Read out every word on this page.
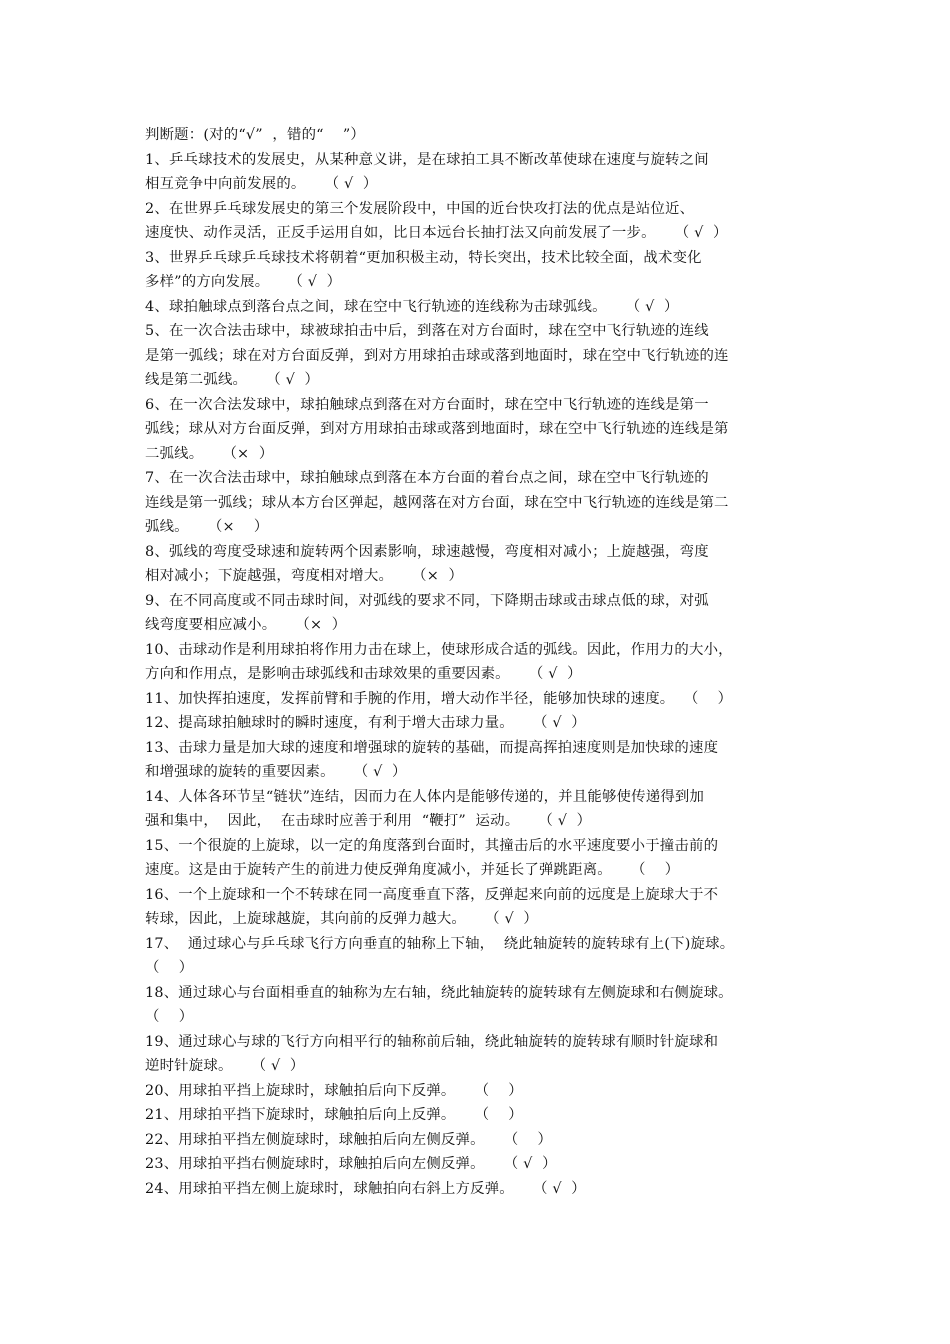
判断题：(对的“√”  ，错的“    ”）
1、乒乓球技术的发展史，从某种意义讲，是在球拍工具不断改革使球在速度与旋转之间
相互竞争中向前发展的。    （ √  ）
2、在世界乒乓球发展史的第三个发展阶段中，中国的近台快攻打法的优点是站位近、
速度快、动作灵活，正反手运用自如，比日本远台长抽打法又向前发展了一步。    （ √  ）
3、世界乒乓球乒乓球技术将朝着“更加积极主动，特长突出，技术比较全面，战术变化
多样”的方向发展。    （ √  ）
4、球拍触球点到落台点之间，球在空中飞行轨迹的连线称为击球弧线。    （ √  ）
5、在一次合法击球中，球被球拍击中后，到落在对方台面时，球在空中飞行轨迹的连线
是第一弧线；球在对方台面反弹，到对方用球拍击球或落到地面时，球在空中飞行轨迹的连
线是第二弧线。    （ √  ）
6、在一次合法发球中，球拍触球点到落在对方台面时，球在空中飞行轨迹的连线是第一
弧线；球从对方台面反弹，到对方用球拍击球或落到地面时，球在空中飞行轨迹的连线是第
二弧线。    （×  ）
7、在一次合法击球中，球拍触球点到落在本方台面的着台点之间，球在空中飞行轨迹的
连线是第一弧线；球从本方台区弹起，越网落在对方台面，球在空中飞行轨迹的连线是第二
弧线。    （×    ）
8、弧线的弯度受球速和旋转两个因素影响，球速越慢，弯度相对减小；上旋越强，弯度
相对减小；下旋越强，弯度相对增大。    （×  ）
9、在不同高度或不同击球时间，对弧线的要求不同，下降期击球或击球点低的球，对弧
线弯度要相应减小。    （×  ）
10、击球动作是利用球拍将作用力击在球上，使球形成合适的弧线。因此，作用力的大小，
方向和作用点，是影响击球弧线和击球效果的重要因素。    （ √  ）
11、加快挥拍速度，发挥前臂和手腕的作用，增大动作半径，能够加快球的速度。  （    ）
12、提高球拍触球时的瞬时速度，有利于增大击球力量。    （ √  ）
13、击球力量是加大球的速度和增强球的旋转的基础，而提高挥拍速度则是加快球的速度
和增强球的旋转的重要因素。    （ √  ）
14、人体各环节呈“链状”连结，因而力在人体内是能够传递的，并且能够使传递得到加
强和集中，  因此，  在击球时应善于利用  “鞭打”  运动。    （ √  ）
15、一个很旋的上旋球，以一定的角度落到台面时，其撞击后的水平速度要小于撞击前的
速度。这是由于旋转产生的前进力使反弹角度减小，并延长了弹跳距离。    （    ）
16、一个上旋球和一个不转球在同一高度垂直下落，反弹起来向前的远度是上旋球大于不
转球，因此，上旋球越旋，其向前的反弹力越大。    （ √  ）
17、  通过球心与乒乓球飞行方向垂直的轴称上下轴，  绕此轴旋转的旋转球有上(下)旋球。
（    ）
18、通过球心与台面相垂直的轴称为左右轴，绕此轴旋转的旋转球有左侧旋球和右侧旋球。
（    ）
19、通过球心与球的飞行方向相平行的轴称前后轴，绕此轴旋转的旋转球有顺时针旋球和
逆时针旋球。    （ √  ）
20、用球拍平挡上旋球时，球触拍后向下反弹。    （    ）
21、用球拍平挡下旋球时，球触拍后向上反弹。    （    ）
22、用球拍平挡左侧旋球时，球触拍后向左侧反弹。    （    ）
23、用球拍平挡右侧旋球时，球触拍后向左侧反弹。    （ √  ）
24、用球拍平挡左侧上旋球时，球触拍向右斜上方反弹。    （ √  ）
